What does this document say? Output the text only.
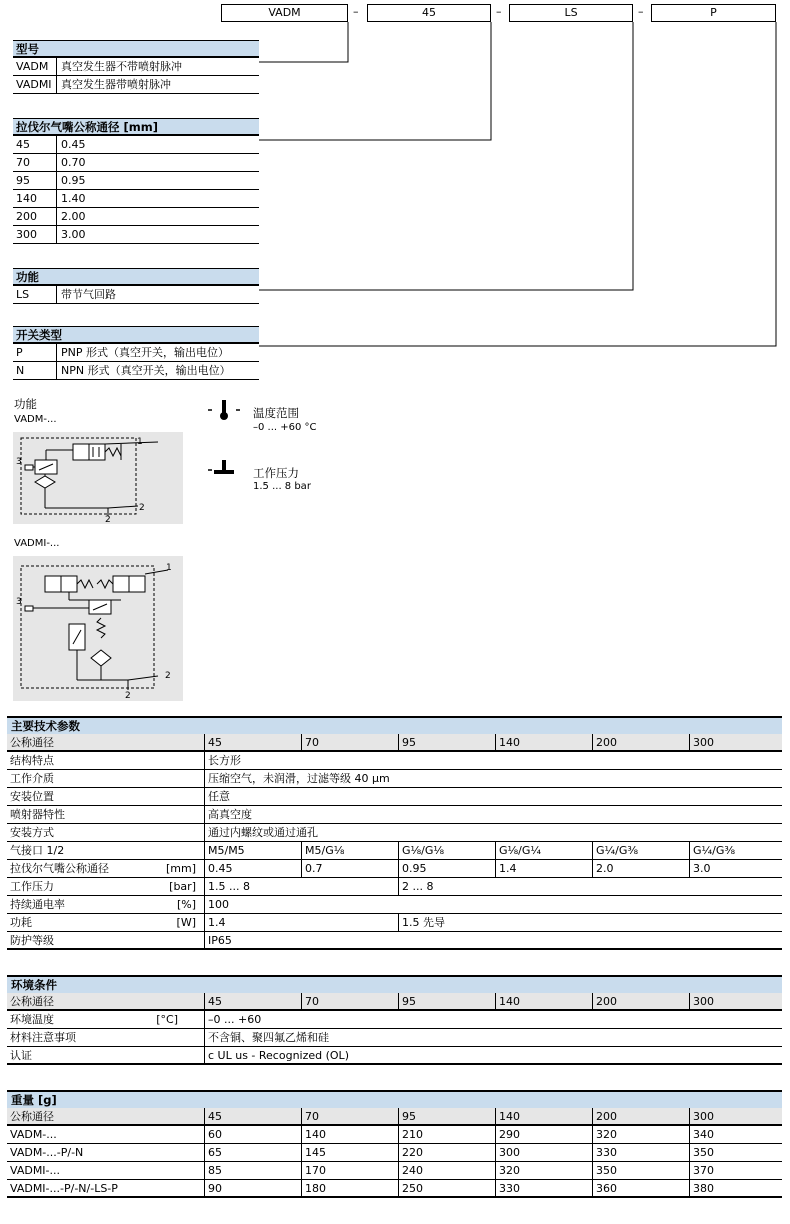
VADM	–	45	–	LS	–	P
型号
VADM	真空发生器不带喷射脉冲
VADMI 真空发生器带喷射脉冲
拉伐尔气嘴公称通径 [mm]
45	0.45
70	0.70
95	0.95
140	1.40
200	2.00
300	3.00
功能
LS	带节气回路
开关类型
P	PNP 形式（真空开关，输出电位）
N	NPN 形式（真空开关，输出电位）
功能
VADM-...
1
2
2
3
VADMI-...
1
2
2
3
温度范围
–0 ... +60 °C
工作压力
1.5 ... 8 bar
主要技术参数
公称通径	45	70	95	140	200	300
结构特点	长方形
工作介质	压缩空气，未润滑，过滤等级 40 μm
安装位置	任意
喷射器特性	高真空度
安装方式	通过内螺纹或通过通孔
气接口 1/2	M5/M5	M5/G⅛	G⅛/G⅛	G⅛/G¼	G¼/G⅜	G¼/G⅜
拉伐尔气嘴公称通径	[mm] 0.45	0.7	0.95	1.4	2.0	3.0
工作压力	[bar] 1.5 ... 8	2 ... 8
持续通电率	[%] 100
功耗	[W] 1.4	1.5 先导
防护等级	IP65
环境条件
公称通径	45	70	95	140	200	300
环境温度	[°C]	–0 ... +60
材料注意事项	不含铜、聚四氟乙烯和硅
认证	c UL us - Recognized (OL)
重量 [g]
公称通径	45	70	95	140	200	300
VADM-...	60	140	210	290	320	340
VADM-...-P/-N	65	145	220	300	330	350
VADMI-...	85	170	240	320	350	370
VADMI-...-P/-N/-LS-P	90	180	250	330	360	380
